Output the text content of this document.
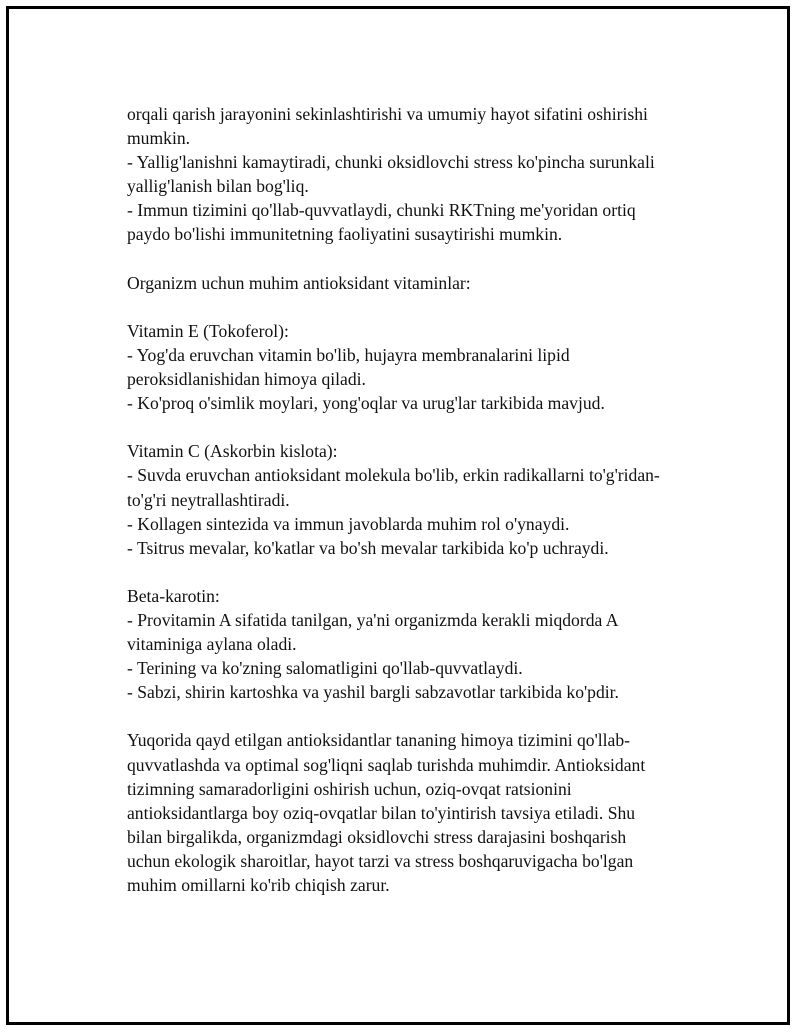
orqali qarish jarayonini sekinlashtirishi va umumiy hayot sifatini oshirishi
mumkin.
- Yallig'lanishni kamaytiradi, chunki oksidlovchi stress ko'pincha surunkali
yallig'lanish bilan bog'liq.
- Immun tizimini qo'llab-quvvatlaydi, chunki RKTning me'yoridan ortiq
paydo bo'lishi immunitetning faoliyatini susaytirishi mumkin.
Organizm uchun muhim antioksidant vitaminlar:
Vitamin E (Tokoferol):
- Yog'da eruvchan vitamin bo'lib, hujayra membranalarini lipid
peroksidlanishidan himoya qiladi.
- Ko'proq o'simlik moylari, yong'oqlar va urug'lar tarkibida mavjud.
Vitamin C (Askorbin kislota):
- Suvda eruvchan antioksidant molekula bo'lib, erkin radikallarni to'g'ridan-
to'g'ri neytrallashtiradi.
- Kollagen sintezida va immun javoblarda muhim rol o'ynaydi.
- Tsitrus mevalar, ko'katlar va bo'sh mevalar tarkibida ko'p uchraydi.
Beta-karotin:
- Provitamin A sifatida tanilgan, ya'ni organizmda kerakli miqdorda A
vitaminiga aylana oladi.
- Terining va ko'zning salomatligini qo'llab-quvvatlaydi.
- Sabzi, shirin kartoshka va yashil bargli sabzavotlar tarkibida ko'pdir.
Yuqorida qayd etilgan antioksidantlar tananing himoya tizimini qo'llab-
quvvatlashda va optimal sog'liqni saqlab turishda muhimdir. Antioksidant
tizimning samaradorligini oshirish uchun, oziq-ovqat ratsionini
antioksidantlarga boy oziq-ovqatlar bilan to'yintirish tavsiya etiladi. Shu
bilan birgalikda, organizmdagi oksidlovchi stress darajasini boshqarish
uchun ekologik sharoitlar, hayot tarzi va stress boshqaruvigacha bo'lgan
muhim omillarni ko'rib chiqish zarur.
